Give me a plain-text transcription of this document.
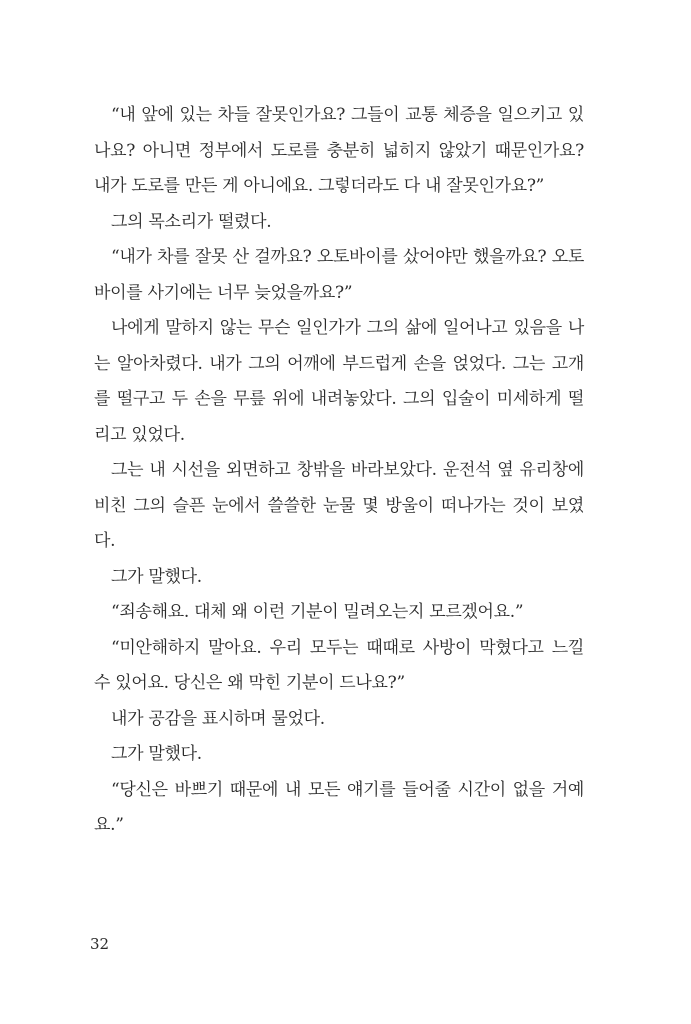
“내 앞에 있는 차들 잘못인가요? 그들이 교통 체증을 일으키고 있나요? 아니면 정부에서 도로를 충분히 넓히지 않았기 때문인가요? 내가 도로를 만든 게 아니에요. 그렇더라도 다 내 잘못인가요?”

그의 목소리가 떨렸다.

“내가 차를 잘못 산 걸까요? 오토바이를 샀어야만 했을까요? 오토바이를 사기에는 너무 늦었을까요?”

나에게 말하지 않는 무슨 일인가가 그의 삶에 일어나고 있음을 나는 알아차렸다. 내가 그의 어깨에 부드럽게 손을 얹었다. 그는 고개를 떨구고 두 손을 무릎 위에 내려놓았다. 그의 입술이 미세하게 떨리고 있었다.

그는 내 시선을 외면하고 창밖을 바라보았다. 운전석 옆 유리창에 비친 그의 슬픈 눈에서 쓸쓸한 눈물 몇 방울이 떠나가는 것이 보였다.

그가 말했다.

“죄송해요. 대체 왜 이런 기분이 밀려오는지 모르겠어요.”

“미안해하지 말아요. 우리 모두는 때때로 사방이 막혔다고 느낄 수 있어요. 당신은 왜 막힌 기분이 드나요?”

내가 공감을 표시하며 물었다.

그가 말했다.

“당신은 바쁘기 때문에 내 모든 얘기를 들어줄 시간이 없을 거예요.”

32
